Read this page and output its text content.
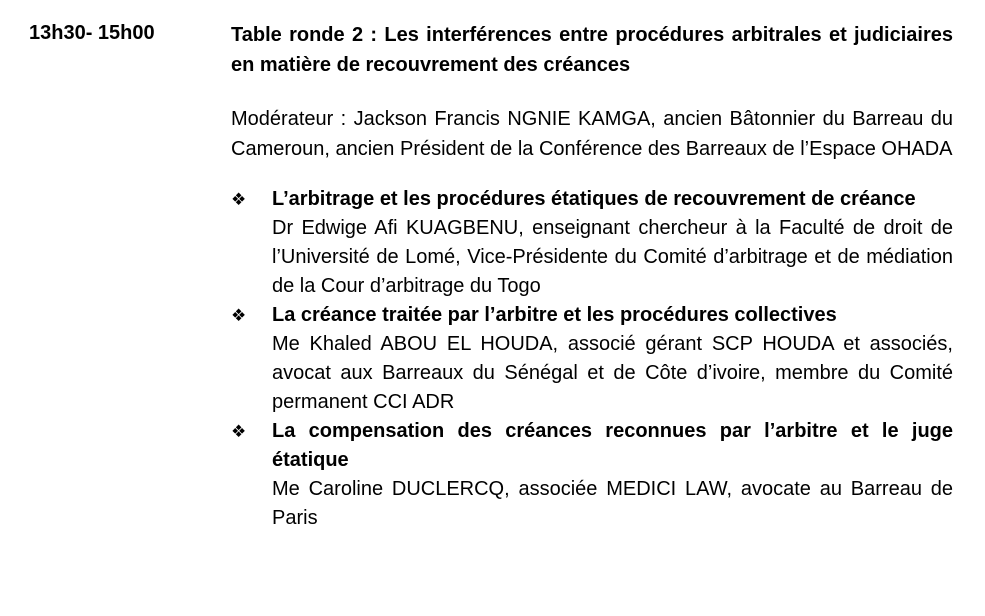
13h30- 15h00	Table ronde 2 : Les interférences entre procédures arbitrales et judiciaires en matière de recouvrement des créances

Modérateur : Jackson Francis NGNIE KAMGA, ancien Bâtonnier du Barreau du Cameroun, ancien Président de la Conférence des Barreaux de l’Espace OHADA

❖ L’arbitrage et les procédures étatiques de recouvrement de créance

Dr Edwige Afi KUAGBENU, enseignant chercheur à la Faculté de droit de l’Université de Lomé, Vice-Présidente du Comité d’arbitrage et de médiation de la Cour d’arbitrage du Togo

❖ La créance traitée par l’arbitre et les procédures collectives

Me Khaled ABOU EL HOUDA, associé gérant SCP HOUDA et associés, avocat aux Barreaux du Sénégal et de Côte d’ivoire, membre du Comité permanent CCI ADR

❖ La compensation des créances reconnues par l’arbitre et le juge étatique

Me Caroline DUCLERCQ, associée MEDICI LAW, avocate au Barreau de Paris
